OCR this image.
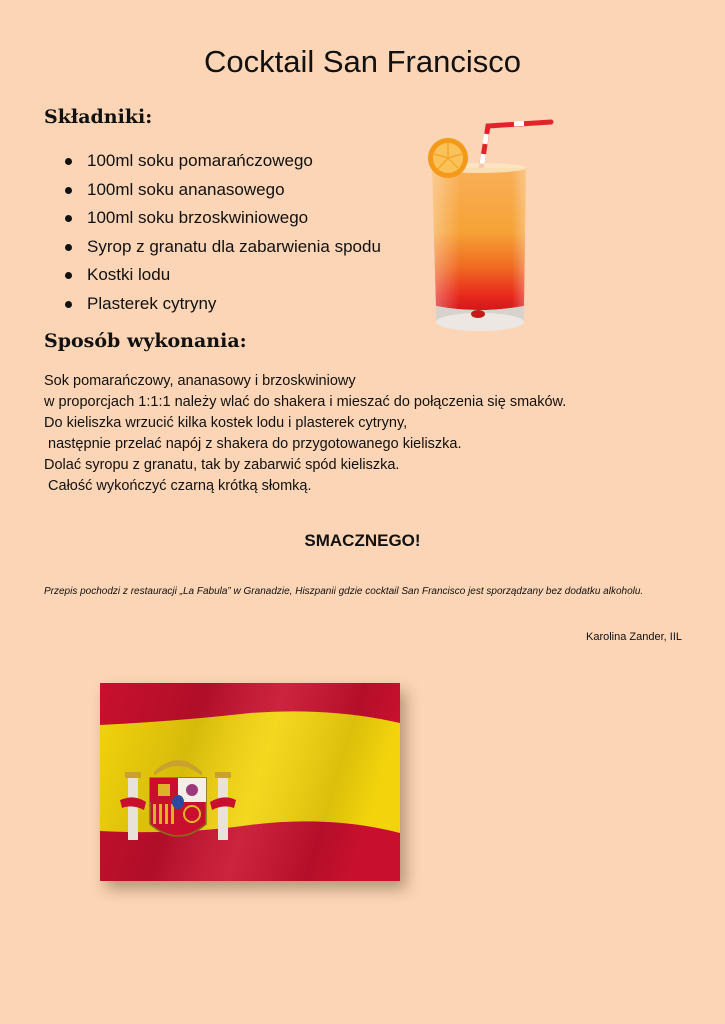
Cocktail San Francisco
Składniki:
100ml soku pomarańczowego
100ml soku ananasowego
100ml soku brzoskwiniowego
Syrop z granatu dla zabarwienia spodu
Kostki lodu
Plasterek cytryny
Sposób wykonania:
Sok pomarańczowy, ananasowy i brzoskwiniowy
w proporcjach 1:1:1 należy wlać do shakera i mieszać do połączenia się smaków.
Do kieliszka wrzucić kilka kostek lodu i plasterek cytryny,
następnie przelać napój z shakera do przygotowanego kieliszka.
Dolać syropu z granatu, tak by zabarwić spód kieliszka.
Całość wykończyć czarną krótką słomką.
SMACZNEGO!
Przepis pochodzi z restauracji „La Fabula” w Granadzie, Hiszpanii gdzie cocktail San Francisco jest sporządzany bez dodatku alkoholu.
Karolina Zander, IIL
